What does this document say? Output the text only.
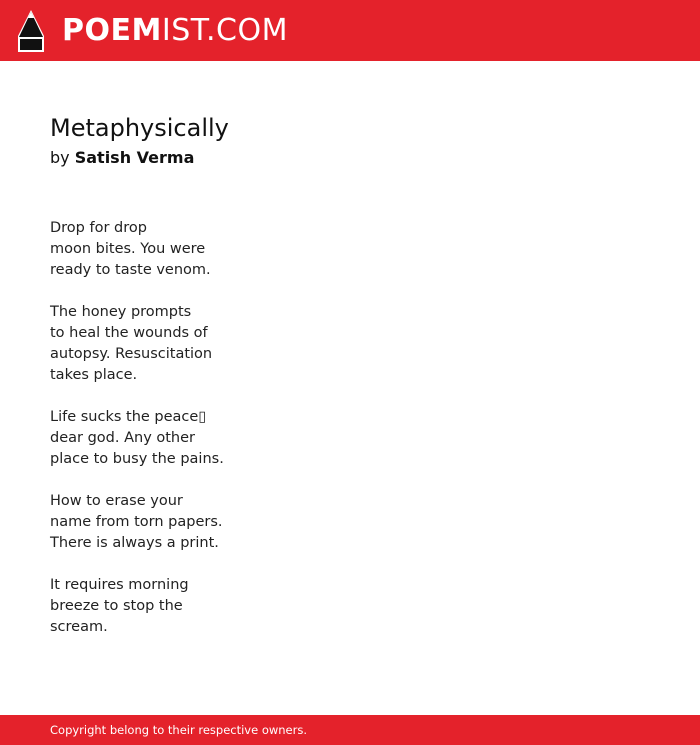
POEMIST.COM
Metaphysically
by Satish Verma

Drop for drop
moon bites. You were
ready to taste venom.

The honey prompts
to heal the wounds of
autopsy. Resuscitation
takes place.

Life sucks the peace▯
dear god. Any other
place to busy the pains.

How to erase your
name from torn papers.
There is always a print.

It requires morning
breeze to stop the
scream.

Copyright belong to their respective owners.
